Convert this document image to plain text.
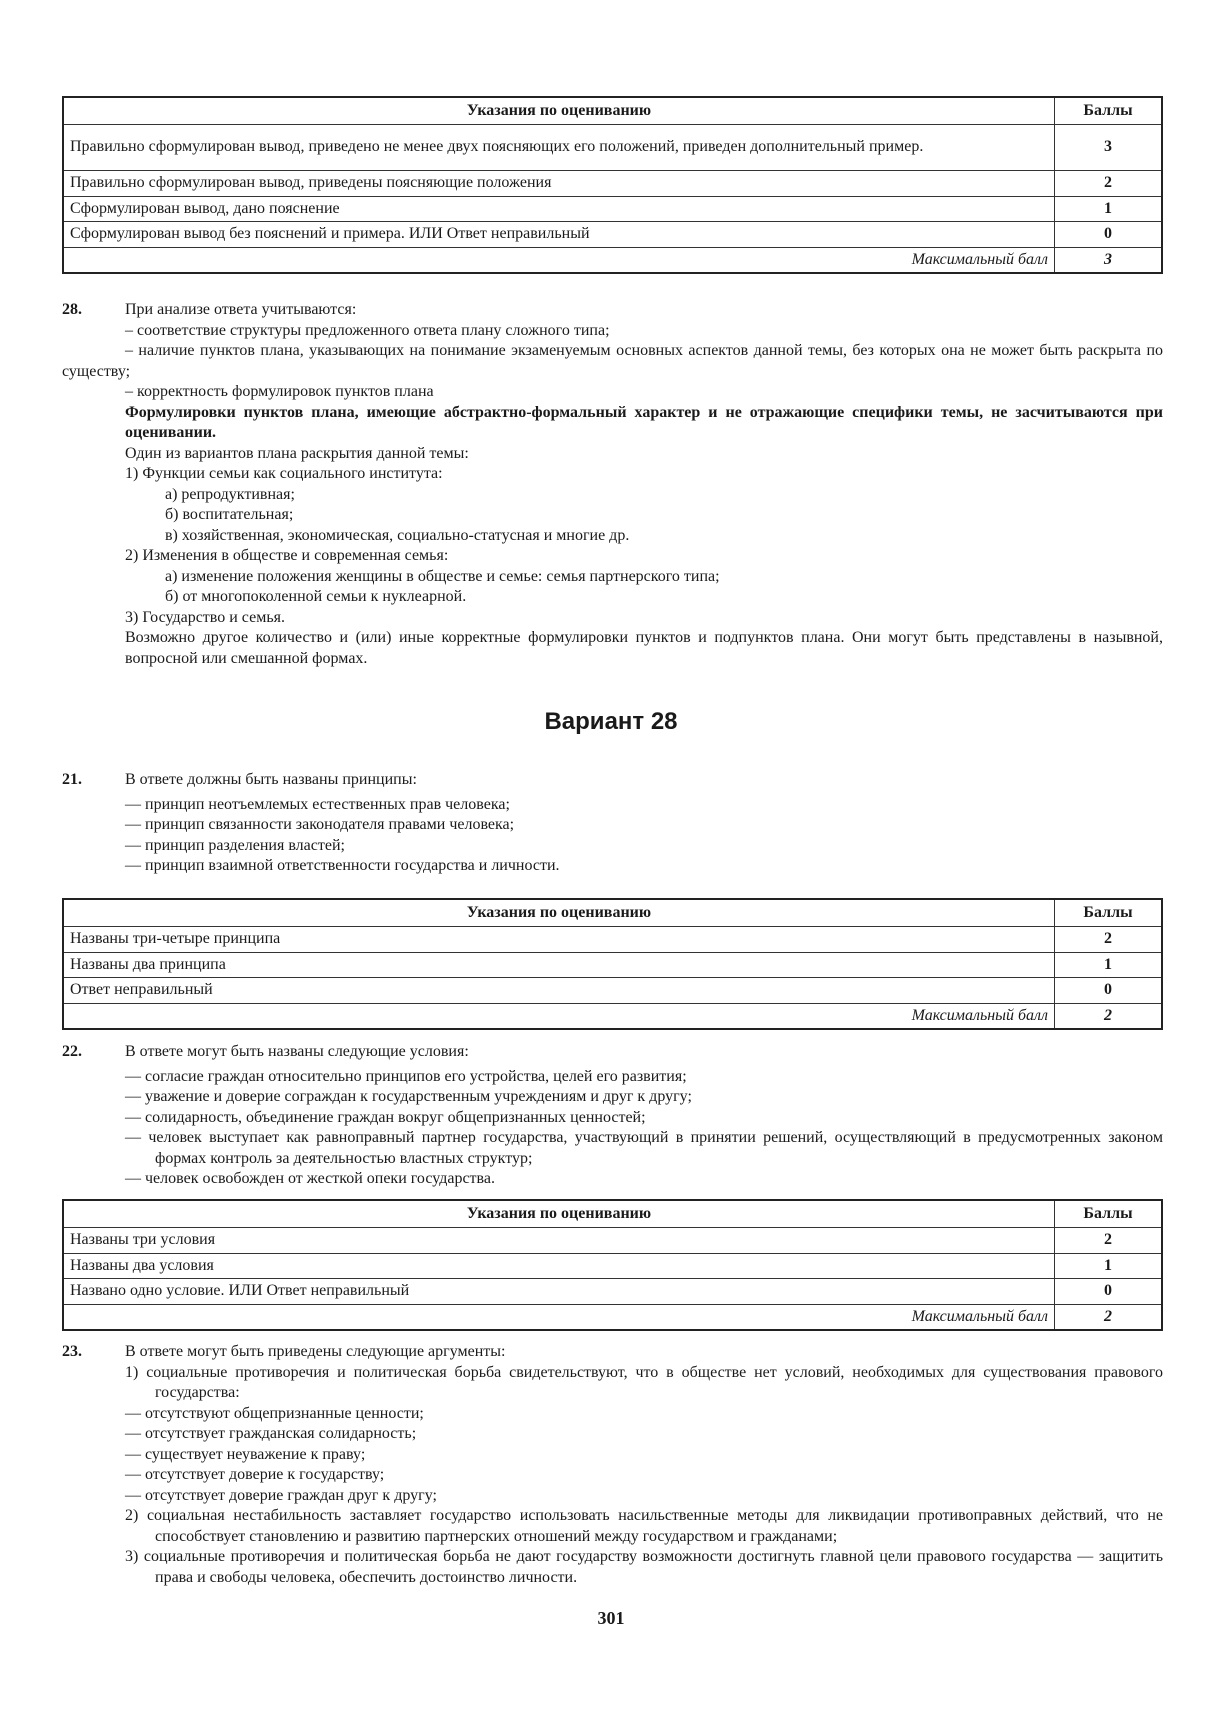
Указания по оцениванию	Баллы
Правильно сформулирован вывод, приведено не менее двух поясняющих его положений, приведен дополнительный пример.	3
Правильно сформулирован вывод, приведены поясняющие положения	2
Сформулирован вывод, дано пояснение	1
Сформулирован вывод без пояснений и примера. ИЛИ Ответ неправильный	0
Максимальный балл	3
28.	При анализе ответа учитываются:
– соответствие структуры предложенного ответа плану сложного типа;
– наличие пунктов плана, указывающих на понимание экзаменуемым основных аспектов данной темы, без которых она не может быть раскрыта по существу;
– корректность формулировок пунктов плана
Формулировки пунктов плана, имеющие абстрактно-формальный характер и не отражающие специфики темы, не засчитываются при оценивании.
Один из вариантов плана раскрытия данной темы:
1) Функции семьи как социального института:
а) репродуктивная;
б) воспитательная;
в) хозяйственная, экономическая, социально-статусная и многие др.
2) Изменения в обществе и современная семья:
а) изменение положения женщины в обществе и семье: семья партнерского типа;
б) от многопоколенной семьи к нуклеарной.
3) Государство и семья.
Возможно другое количество и (или) иные корректные формулировки пунктов и подпунктов плана. Они могут быть представлены в назывной, вопросной или смешанной формах.
Вариант 28
21.	В ответе должны быть названы принципы:
— принцип неотъемлемых естественных прав человека;
— принцип связанности законодателя правами человека;
— принцип разделения властей;
— принцип взаимной ответственности государства и личности.
Указания по оцениванию	Баллы
Названы три-четыре принципа	2
Названы два принципа	1
Ответ неправильный	0
Максимальный балл	2
22.	В ответе могут быть названы следующие условия:
— согласие граждан относительно принципов его устройства, целей его развития;
— уважение и доверие сограждан к государственным учреждениям и друг к другу;
— солидарность, объединение граждан вокруг общепризнанных ценностей;
— человек выступает как равноправный партнер государства, участвующий в принятии решений, осуществляющий в предусмотренных законом формах контроль за деятельностью властных структур;
— человек освобожден от жесткой опеки государства.
Указания по оцениванию	Баллы
Названы три условия	2
Названы два условия	1
Названо одно условие. ИЛИ Ответ неправильный	0
Максимальный балл	2
23.	В ответе могут быть приведены следующие аргументы:
1) социальные противоречия и политическая борьба свидетельствуют, что в обществе нет условий, необходимых для существования правового государства:
— отсутствуют общепризнанные ценности;
— отсутствует гражданская солидарность;
— существует неуважение к праву;
— отсутствует доверие к государству;
— отсутствует доверие граждан друг к другу;
2) социальная нестабильность заставляет государство использовать насильственные методы для ликвидации противоправных действий, что не способствует становлению и развитию партнерских отношений между государством и гражданами;
3) социальные противоречия и политическая борьба не дают государству возможности достигнуть главной цели правового государства — защитить права и свободы человека, обеспечить достоинство личности.
301
